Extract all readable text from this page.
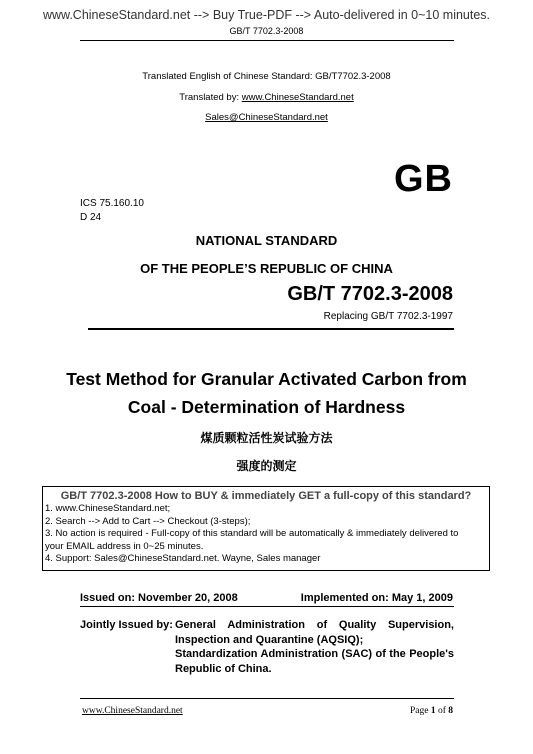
www.ChineseStandard.net --> Buy True-PDF --> Auto-delivered in 0~10 minutes.
GB/T 7702.3-2008
Translated English of Chinese Standard: GB/T7702.3-2008
Translated by: www.ChineseStandard.net
Sales@ChineseStandard.net
GB
ICS 75.160.10
D 24
NATIONAL STANDARD
OF THE PEOPLE’S REPUBLIC OF CHINA
GB/T 7702.3-2008
Replacing GB/T 7702.3-1997
Test Method for Granular Activated Carbon from
Coal - Determination of Hardness
煤质颗粒活性炭试验方法
强度的测定
GB/T 7702.3-2008 How to BUY & immediately GET a full-copy of this standard?
1. www.ChineseStandard.net;
2. Search --> Add to Cart --> Checkout (3-steps);
3. No action is required - Full-copy of this standard will be automatically & immediately delivered to
your EMAIL address in 0~25 minutes.
4. Support: Sales@ChineseStandard.net. Wayne, Sales manager
Issued on: November 20, 2008	Implemented on: May 1, 2009
Jointly Issued by: General Administration of Quality Supervision,
Inspection and Quarantine (AQSIQ);
Standardization Administration (SAC) of the People's
Republic of China.
www.ChineseStandard.net	Page 1 of 8
